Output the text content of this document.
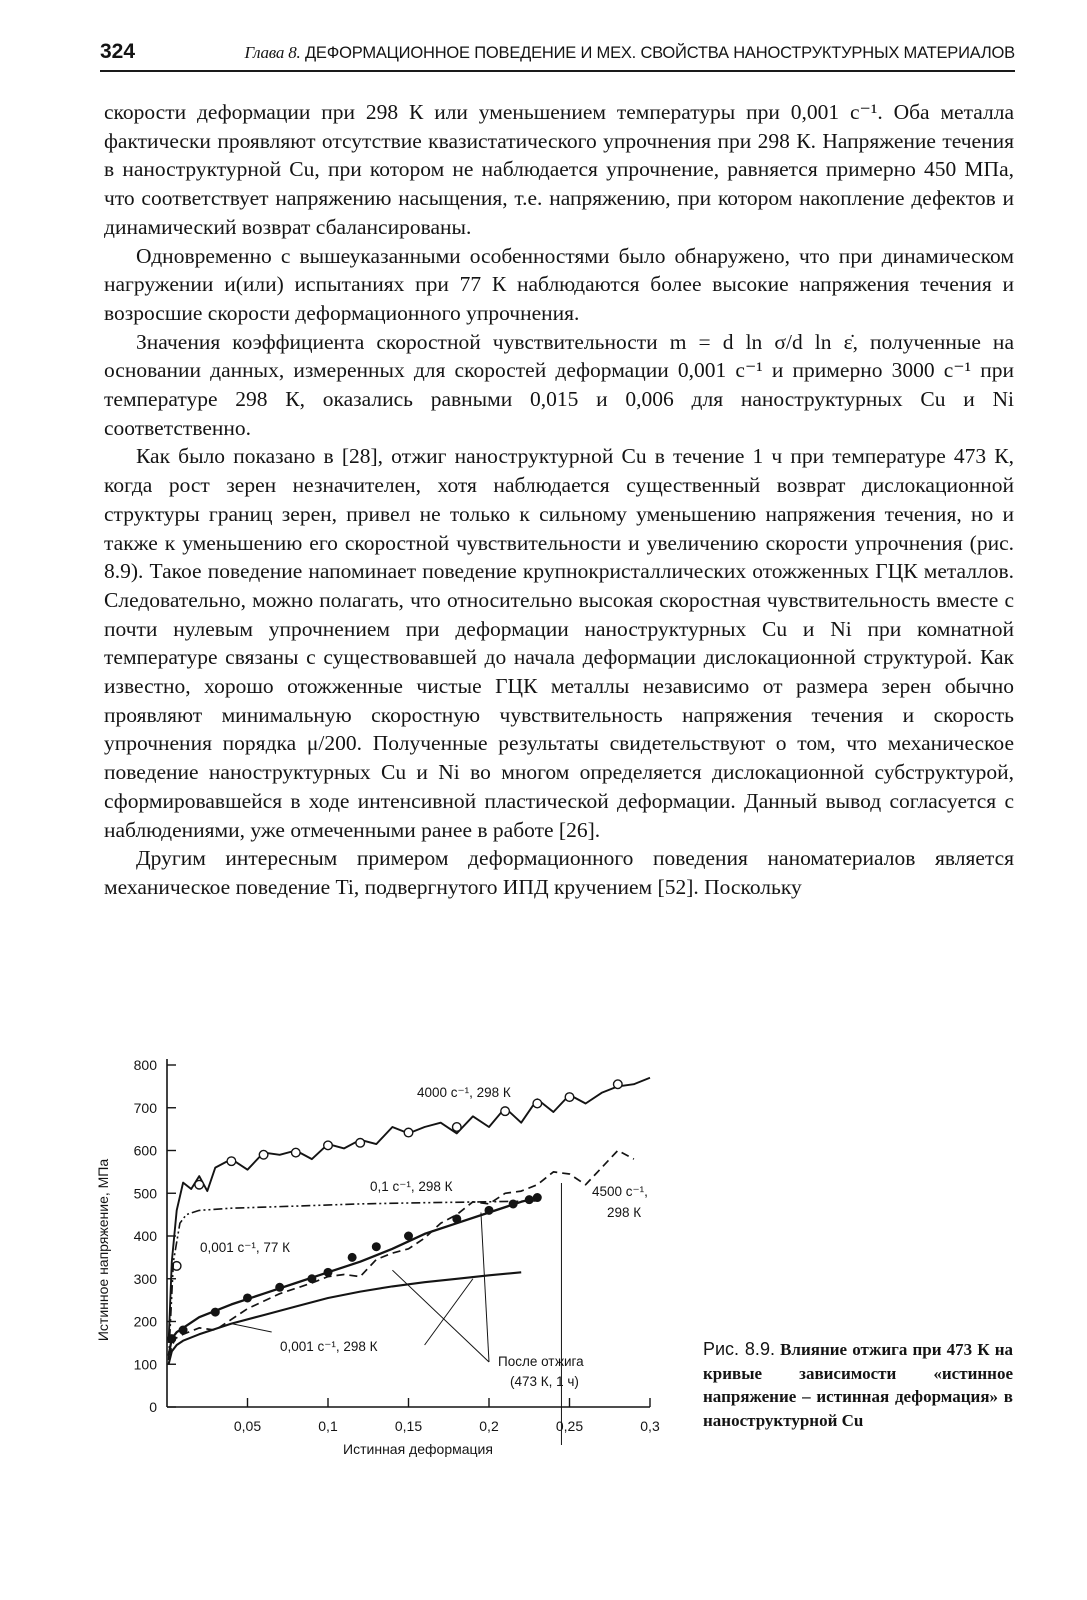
324	Глава 8. ДЕФОРМАЦИОННОЕ ПОВЕДЕНИЕ И МЕХ. СВОЙСТВА НАНОСТРУКТУРНЫХ МАТЕРИАЛОВ

скорости деформации при 298 К или уменьшением температуры при 0,001 с⁻¹. Оба металла фактически проявляют отсутствие квазистатического упрочнения при 298 К. Напряжение течения в наноструктурной Cu, при котором не наблюдается упрочнение, равняется примерно 450 МПа, что соответствует напряжению насыщения, т.е. напряжению, при котором накопление дефектов и динамический возврат сбалансированы.

Одновременно с вышеуказанными особенностями было обнаружено, что при динамическом нагружении и(или) испытаниях при 77 К наблюдаются более высокие напряжения течения и возросшие скорости деформационного упрочнения.

Значения коэффициента скоростной чувствительности m = d ln σ/d ln ε̇, полученные на основании данных, измеренных для скоростей деформации 0,001 с⁻¹ и примерно 3000 с⁻¹ при температуре 298 К, оказались равными 0,015 и 0,006 для наноструктурных Cu и Ni соответственно.

Как было показано в [28], отжиг наноструктурной Cu в течение 1 ч при температуре 473 К, когда рост зерен незначителен, хотя наблюдается существенный возврат дислокационной структуры границ зерен, привел не только к сильному уменьшению напряжения течения, но и также к уменьшению его скоростной чувствительности и увеличению скорости упрочнения (рис. 8.9). Такое поведение напоминает поведение крупнокристаллических отожженных ГЦК металлов. Следовательно, можно полагать, что относительно высокая скоростная чувствительность вместе с почти нулевым упрочнением при деформации наноструктурных Cu и Ni при комнатной температуре связаны с существовавшей до начала деформации дислокационной структурой. Как известно, хорошо отожженные чистые ГЦК металлы независимо от размера зерен обычно проявляют минимальную скоростную чувствительность напряжения течения и скорость упрочнения порядка μ/200. Полученные результаты свидетельствуют о том, что механическое поведение наноструктурных Cu и Ni во многом определяется дислокационной субструктурой, сформировавшейся в ходе интенсивной пластической деформации. Данный вывод согласуется с наблюдениями, уже отмеченными ранее в работе [26].

Другим интересным примером деформационного поведения наноматериалов является механическое поведение Ti, подвергнутого ИПД кручением [52]. Поскольку

0
100
200
300
400
500
600
700
800
0,05	0,1	0,15	0,2	0,25	0,3
4000 с⁻¹, 298 К
0,1 с⁻¹, 298 К	4500 с⁻¹,
298 К
0,001 с⁻¹, 77 К
0,001 с⁻¹, 298 К
После отжига
(473 К, 1 ч)
Истинная деформация
Истинное напряжение, МПа
Рис. 8.9. Влияние отжига при 473 К на кривые зависимости «истинное напряжение – истинная деформация» в наноструктурной Cu
